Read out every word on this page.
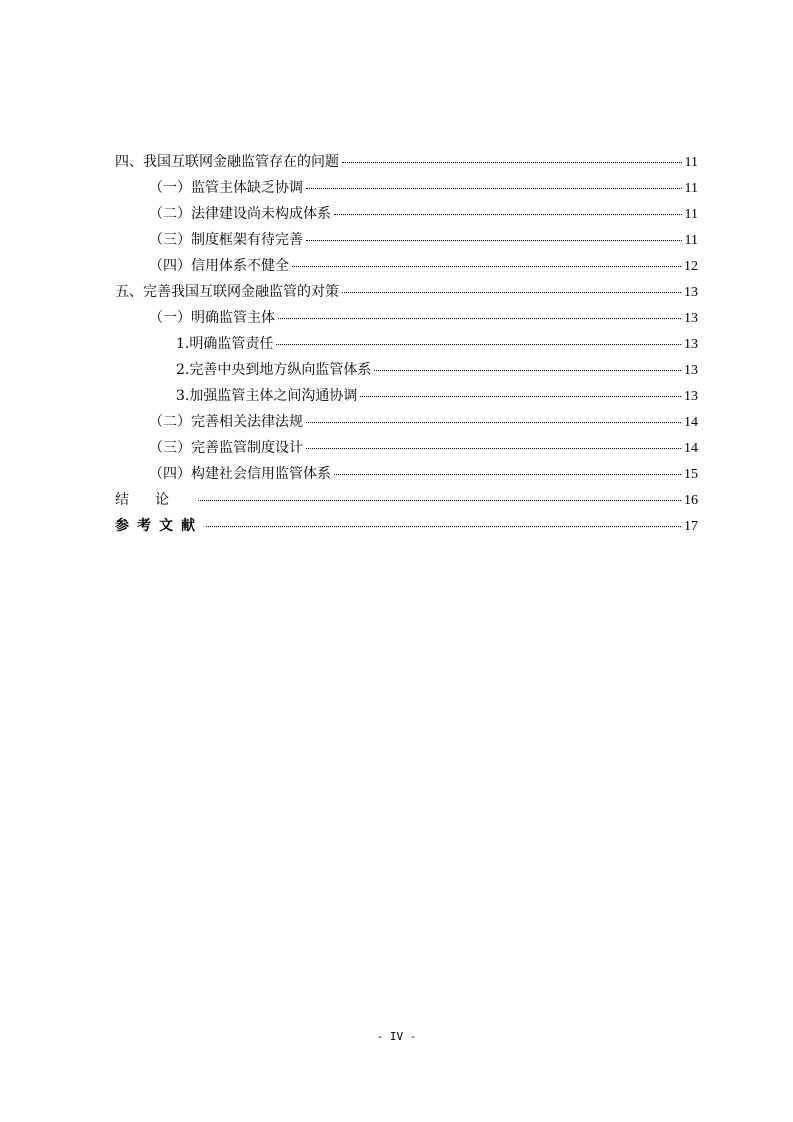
四、我国互联网金融监管存在的问题	11
（一）监管主体缺乏协调	11
（二）法律建设尚未构成体系	11
（三）制度框架有待完善	11
（四）信用体系不健全	12
五、完善我国互联网金融监管的对策	13
（一）明确监管主体	13
1.明确监管责任	13
2.完善中央到地方纵向监管体系	13
3.加强监管主体之间沟通协调	13
（二）完善相关法律法规	14
（三）完善监管制度设计	14
（四）构建社会信用监管体系	15
结论	16
参考文献	17
- IV -
